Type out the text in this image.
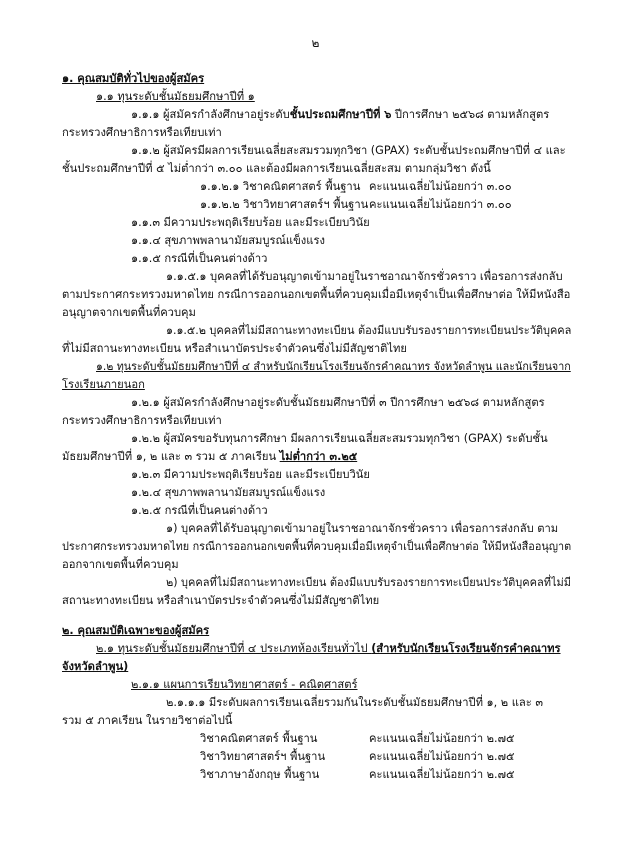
๒
๑. คุณสมบัติทั่วไปของผู้สมัคร
๑.๑ ทุนระดับชั้นมัธยมศึกษาปีที่ ๑
๑.๑.๑ ผู้สมัครกำลังศึกษาอยู่ระดับชั้นประถมศึกษาปีที่ ๖ ปีการศึกษา ๒๕๖๘ ตามหลักสูตร
กระทรวงศึกษาธิการหรือเทียบเท่า
๑.๑.๒ ผู้สมัครมีผลการเรียนเฉลี่ยสะสมรวมทุกวิชา (GPAX) ระดับชั้นประถมศึกษาปีที่ ๔ และ
ชั้นประถมศึกษาปีที่ ๕ ไม่ต่ำกว่า ๓.๐๐ และต้องมีผลการเรียนเฉลี่ยสะสม ตามกลุ่มวิชา ดังนี้
๑.๑.๒.๑ วิชาคณิตศาสตร์ พื้นฐาน คะแนนเฉลี่ยไม่น้อยกว่า ๓.๐๐
๑.๑.๒.๒ วิชาวิทยาศาสตร์ฯ พื้นฐาน คะแนนเฉลี่ยไม่น้อยกว่า ๓.๐๐
๑.๑.๓ มีความประพฤติเรียบร้อย และมีระเบียบวินัย
๑.๑.๔ สุขภาพพลานามัยสมบูรณ์แข็งแรง
๑.๑.๕ กรณีที่เป็นคนต่างด้าว
๑.๑.๕.๑ บุคคลที่ได้รับอนุญาตเข้ามาอยู่ในราชอาณาจักรชั่วคราว เพื่อรอการส่งกลับ
ตามประกาศกระทรวงมหาดไทย กรณีการออกนอกเขตพื้นที่ควบคุมเมื่อมีเหตุจำเป็นเพื่อศึกษาต่อ ให้มีหนังสือ
อนุญาตจากเขตพื้นที่ควบคุม
๑.๑.๕.๒ บุคคลที่ไม่มีสถานะทางทะเบียน ต้องมีแบบรับรองรายการทะเบียนประวัติบุคคล
ที่ไม่มีสถานะทางทะเบียน หรือสำเนาบัตรประจำตัวคนซึ่งไม่มีสัญชาติไทย
๑.๒ ทุนระดับชั้นมัธยมศึกษาปีที่ ๔ สำหรับนักเรียนโรงเรียนจักรคำคณาทร จังหวัดลำพูน และนักเรียนจาก
โรงเรียนภายนอก
๑.๒.๑ ผู้สมัครกำลังศึกษาอยู่ระดับชั้นมัธยมศึกษาปีที่ ๓ ปีการศึกษา ๒๕๖๘ ตามหลักสูตร
กระทรวงศึกษาธิการหรือเทียบเท่า
๑.๒.๒ ผู้สมัครขอรับทุนการศึกษา มีผลการเรียนเฉลี่ยสะสมรวมทุกวิชา (GPAX) ระดับชั้น
มัธยมศึกษาปีที่ ๑, ๒ และ ๓ รวม ๕ ภาคเรียน ไม่ต่ำกว่า ๓.๒๕
๑.๒.๓ มีความประพฤติเรียบร้อย และมีระเบียบวินัย
๑.๒.๔ สุขภาพพลานามัยสมบูรณ์แข็งแรง
๑.๒.๕ กรณีที่เป็นคนต่างด้าว
๑) บุคคลที่ได้รับอนุญาตเข้ามาอยู่ในราชอาณาจักรชั่วคราว เพื่อรอการส่งกลับ ตาม
ประกาศกระทรวงมหาดไทย กรณีการออกนอกเขตพื้นที่ควบคุมเมื่อมีเหตุจำเป็นเพื่อศึกษาต่อ ให้มีหนังสืออนุญาต
ออกจากเขตพื้นที่ควบคุม
๒) บุคคลที่ไม่มีสถานะทางทะเบียน ต้องมีแบบรับรองรายการทะเบียนประวัติบุคคลที่ไม่มี
สถานะทางทะเบียน หรือสำเนาบัตรประจำตัวคนซึ่งไม่มีสัญชาติไทย
๒. คุณสมบัติเฉพาะของผู้สมัคร
๒.๑ ทุนระดับชั้นมัธยมศึกษาปีที่ ๔ ประเภทห้องเรียนทั่วไป (สำหรับนักเรียนโรงเรียนจักรคำคณาทร
จังหวัดลำพูน)
๒.๑.๑ แผนการเรียนวิทยาศาสตร์ - คณิตศาสตร์
๒.๑.๑.๑ มีระดับผลการเรียนเฉลี่ยรวมกันในระดับชั้นมัธยมศึกษาปีที่ ๑, ๒ และ ๓
รวม ๕ ภาคเรียน ในรายวิชาต่อไปนี้
วิชาคณิตศาสตร์ พื้นฐาน	คะแนนเฉลี่ยไม่น้อยกว่า ๒.๗๕
วิชาวิทยาศาสตร์ฯ พื้นฐาน	คะแนนเฉลี่ยไม่น้อยกว่า ๒.๗๕
วิชาภาษาอังกฤษ พื้นฐาน	คะแนนเฉลี่ยไม่น้อยกว่า ๒.๗๕
